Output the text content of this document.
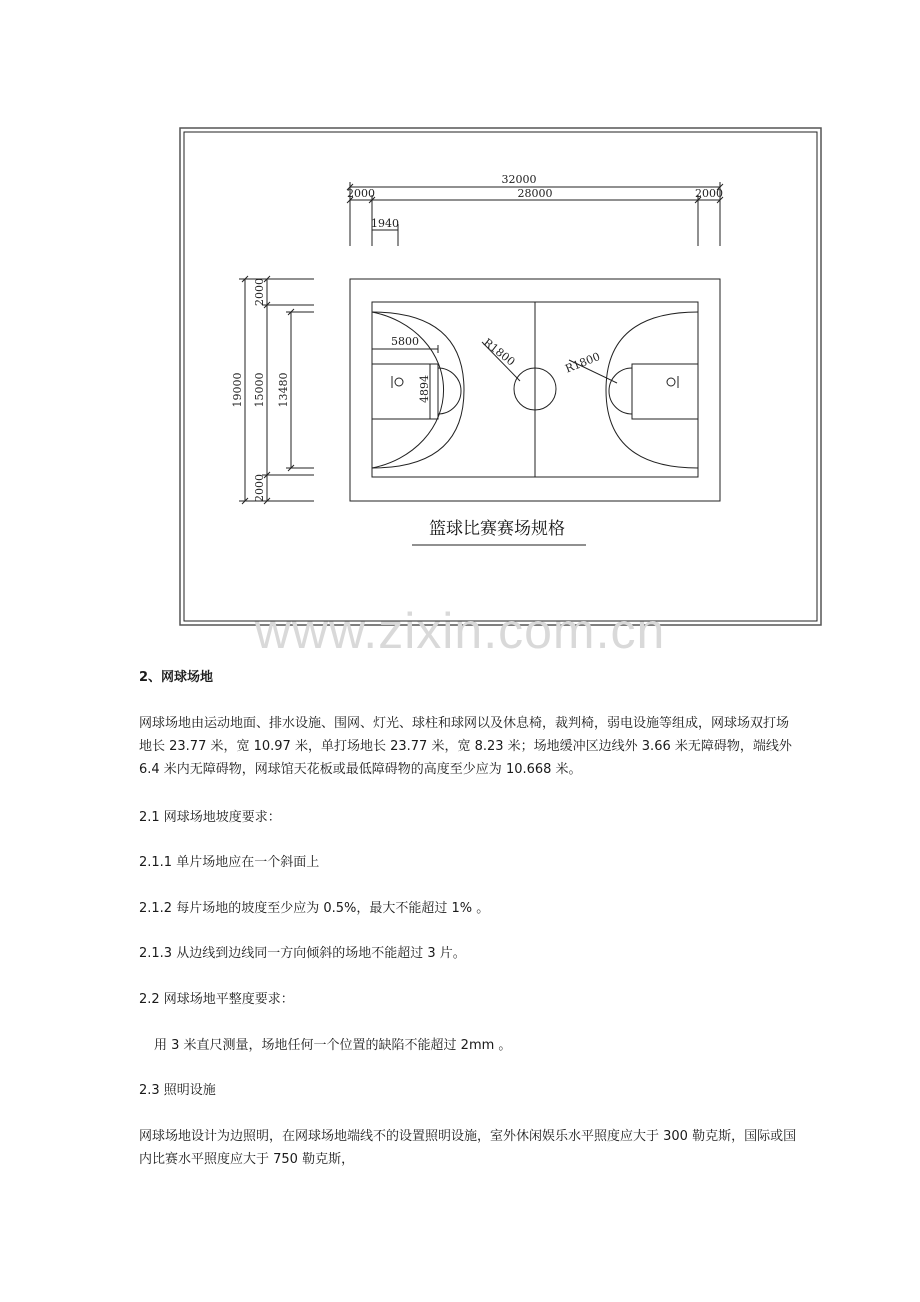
32000
2000	28000	2000
1940
19000
2000
15000 13480
2000
5800
4894
R1800	R1800
篮球比赛赛场规格
www.zixin.com.cn
2、网球场地
网球场地由运动地面、排水设施、围网、灯光、球柱和球网以及休息椅，裁判椅，弱电设施等组成，网球场双打场地长 23.77 米，宽 10.97 米，单打场地长 23.77 米，宽 8.23 米；场地缓冲区边线外 3.66 米无障碍物，端线外 6.4 米内无障碍物，网球馆天花板或最低障碍物的高度至少应为 10.668 米。
2.1 网球场地坡度要求：
2.1.1 单片场地应在一个斜面上
2.1.2 每片场地的坡度至少应为 0.5%，最大不能超过 1% 。
2.1.3 从边线到边线同一方向倾斜的场地不能超过 3 片。
2.2 网球场地平整度要求：
用 3 米直尺测量，场地任何一个位置的缺陷不能超过 2mm 。
2.3 照明设施
网球场地设计为边照明，在网球场地端线不的设置照明设施，室外休闲娱乐水平照度应大于 300 勒克斯，国际或国内比赛水平照度应大于 750 勒克斯，
